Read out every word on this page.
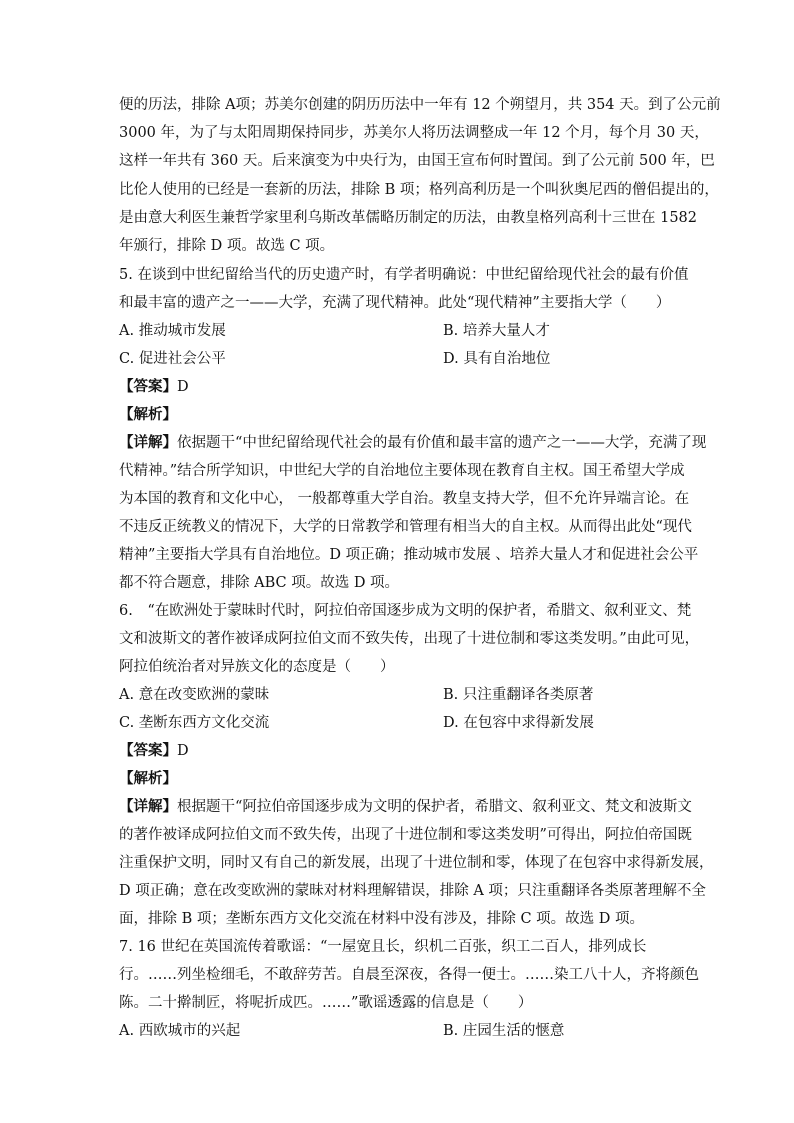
便的历法，排除 A项；苏美尔创建的阴历历法中一年有 12 个朔望月，共 354 天。到了公元前
3000 年，为了与太阳周期保持同步，苏美尔人将历法调整成一年 12 个月，每个月 30 天，
这样一年共有 360 天。后来演变为中央行为，由国王宣布何时置闰。到了公元前 500 年，巴
比伦人使用的已经是一套新的历法，排除 B 项；格列高利历是一个叫狄奥尼西的僧侣提出的，
是由意大利医生兼哲学家里利乌斯改革儒略历制定的历法，由教皇格列高利十三世在 1582
年颁行，排除 D 项。故选 C 项。
5. 在谈到中世纪留给当代的历史遗产时，有学者明确说：中世纪留给现代社会的最有价值
和最丰富的遗产之一——大学，充满了现代精神。此处“现代精神”主要指大学（　　）
A. 推动城市发展	B. 培养大量人才
C. 促进社会公平	D. 具有自治地位
【答案】D
【解析】
【详解】依据题干“中世纪留给现代社会的最有价值和最丰富的遗产之一——大学，充满了现
代精神。”结合所学知识，中世纪大学的自治地位主要体现在教育自主权。国王希望大学成
为本国的教育和文化中心， 一般都尊重大学自治。教皇支持大学，但不允许异端言论。在
不违反正统教义的情况下，大学的日常教学和管理有相当大的自主权。从而得出此处“现代
精神”主要指大学具有自治地位。D 项正确；推动城市发展 、培养大量人才和促进社会公平
都不符合题意，排除 ABC 项。故选 D 项。
6.　“在欧洲处于蒙昧时代时，阿拉伯帝国逐步成为文明的保护者，希腊文、叙利亚文、梵
文和波斯文的著作被译成阿拉伯文而不致失传，出现了十进位制和零这类发明。”由此可见，
阿拉伯统治者对异族文化的态度是（　　）
A. 意在改变欧洲的蒙昧	B. 只注重翻译各类原著
C. 垄断东西方文化交流	D. 在包容中求得新发展
【答案】D
【解析】
【详解】根据题干“阿拉伯帝国逐步成为文明的保护者，希腊文、叙利亚文、梵文和波斯文
的著作被译成阿拉伯文而不致失传，出现了十进位制和零这类发明”可得出，阿拉伯帝国既
注重保护文明，同时又有自己的新发展，出现了十进位制和零，体现了在包容中求得新发展，
D 项正确；意在改变欧洲的蒙昧对材料理解错误，排除 A 项；只注重翻译各类原著理解不全
面，排除 B 项；垄断东西方文化交流在材料中没有涉及，排除 C 项。故选 D 项。
7. 16 世纪在英国流传着歌谣：“一屋宽且长，织机二百张，织工二百人，排列成长
行。……列坐检细毛，不敢辞劳苦。自晨至深夜，各得一便士。……染工八十人，齐将颜色
陈。二十擀制匠，将呢折成匹。……”歌谣透露的信息是（　　）
A. 西欧城市的兴起	B. 庄园生活的惬意
